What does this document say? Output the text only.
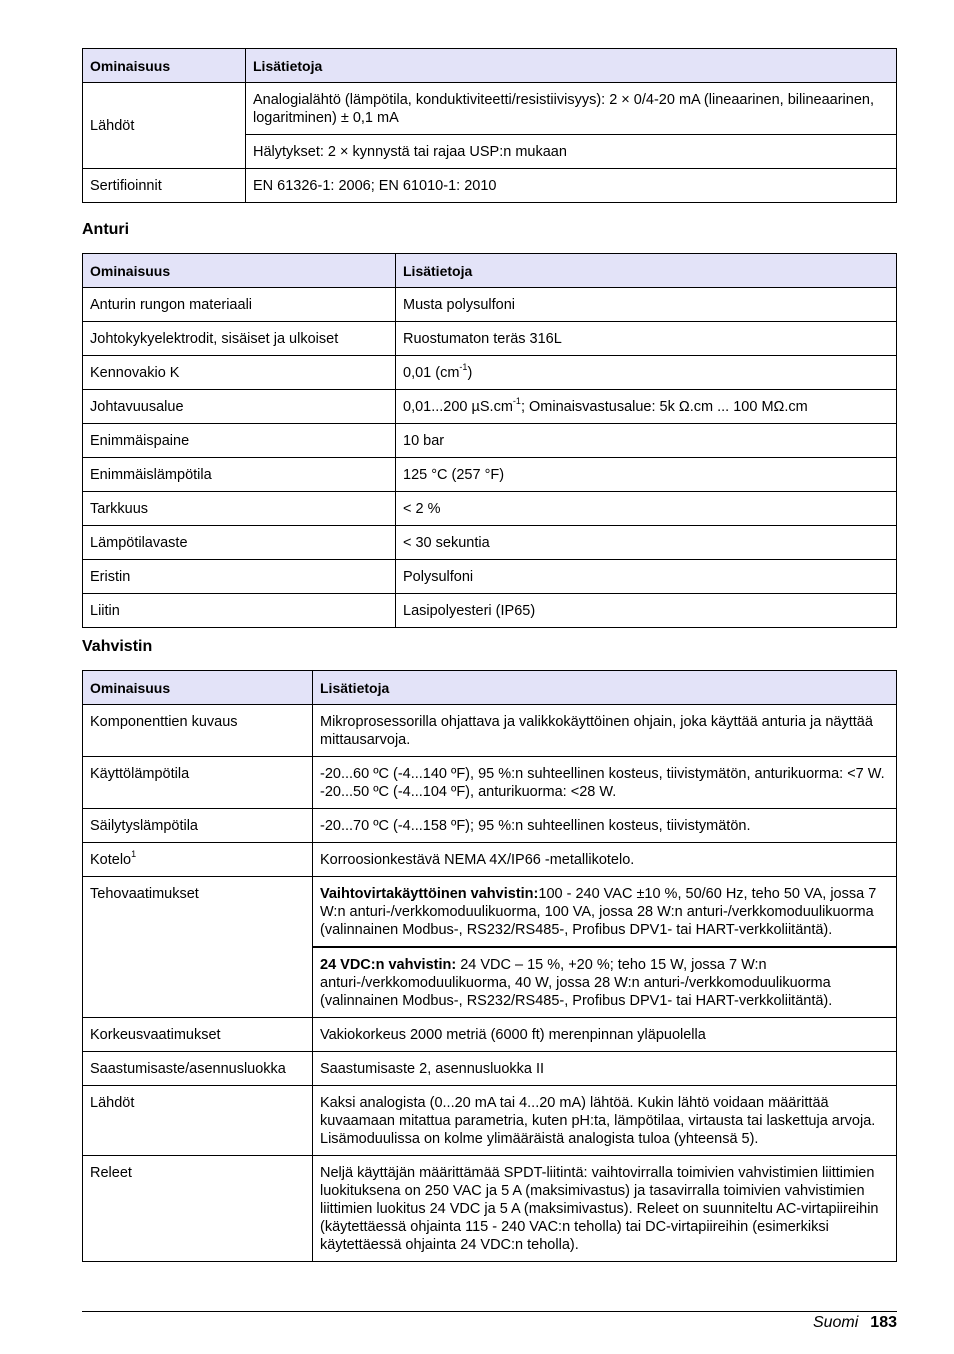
Ominaisuus	Lisätietoja
Lähdöt	Analogialähtö (lämpötila, konduktiviteetti/resistiivisyys): 2 × 0/4-20 mA (lineaarinen, bilineaarinen, logaritminen) ± 0,1 mA
	Hälytykset: 2 × kynnystä tai rajaa USP:n mukaan
Sertifioinnit	EN 61326-1: 2006; EN 61010-1: 2010
Anturi
Ominaisuus	Lisätietoja
Anturin rungon materiaali	Musta polysulfoni
Johtokykyelektrodit, sisäiset ja ulkoiset	Ruostumaton teräs 316L
Kennovakio K	0,01 $(cm^{-1})$
Johtavuusalue	0,01...200 $\mu S.cm^{-1}$; Ominaisvastusalue: 5k Ω.cm ... 100 MΩ.cm
Enimmäispaine	10 bar
Enimmäislämpötila	125 °C (257 °F)
Tarkkuus	< 2 %
Lämpötilavaste	< 30 sekuntia
Eristin	Polysulfoni
Liitin	Lasipolyesteri (IP65)
Vahvistin
Ominaisuus	Lisätietoja
Komponenttien kuvaus	Mikroprosessorilla ohjattava ja valikkokäyttöinen ohjain, joka käyttää anturia ja näyttää mittausarvoja.
Käyttölämpötila	-20...60 ºC (-4...140 ºF), 95 %:n suhteellinen kosteus, tiivistymätön, anturikuorma: <7 W. -20...50 ºC (-4...104 ºF), anturikuorma: <28 W.
Säilytyslämpötila	-20...70 ºC (-4...158 ºF); 95 %:n suhteellinen kosteus, tiivistymätön.
Kotelo$^1$	Korroosionkestävä NEMA 4X/IP66 -metallikotelo.
Tehovaatimukset	Vaihtovirtakäyttöinen vahvistin:100 - 240 VAC ±10 %, 50/60 Hz, teho 50 VA, jossa 7 W:n anturi-/verkkomoduulikuorma, 100 VA, jossa 28 W:n anturi-/verkkomoduulikuorma (valinnainen Modbus-, RS232/RS485-, Profibus DPV1- tai HART-verkkoliitäntä).
	24 VDC:n vahvistin: 24 VDC – 15 %, +20 %; teho 15 W, jossa 7 W:n anturi-/verkkomoduulikuorma, 40 W, jossa 28 W:n anturi-/verkkomoduulikuorma (valinnainen Modbus-, RS232/RS485-, Profibus DPV1- tai HART-verkkoliitäntä).
Korkeusvaatimukset	Vakiokorkeus 2000 metriä (6000 ft) merenpinnan yläpuolella
Saastumisaste/asennusluokka	Saastumisaste 2, asennusluokka II
Lähdöt	Kaksi analogista (0...20 mA tai 4...20 mA) lähtöä. Kukin lähtö voidaan määrittää kuvaamaan mitattua parametria, kuten pH:ta, lämpötilaa, virtausta tai laskettuja arvoja. Lisämoduulissa on kolme ylimääräistä analogista tuloa (yhteensä 5).
Releet	Neljä käyttäjän määrittämää SPDT-liitintä: vaihtovirralla toimivien vahvistimien liittimien luokituksena on 250 VAC ja 5 A (maksimivastus) ja tasavirralla toimivien vahvistimien liittimien luokitus 24 VDC ja 5 A (maksimivastus). Releet on suunniteltu AC-virtapiireihin (käytettäessä ohjainta 115 - 240 VAC:n teholla) tai DC-virtapiireihin (esimerkiksi käytettäessä ohjainta 24 VDC:n teholla).
Suomi 183
